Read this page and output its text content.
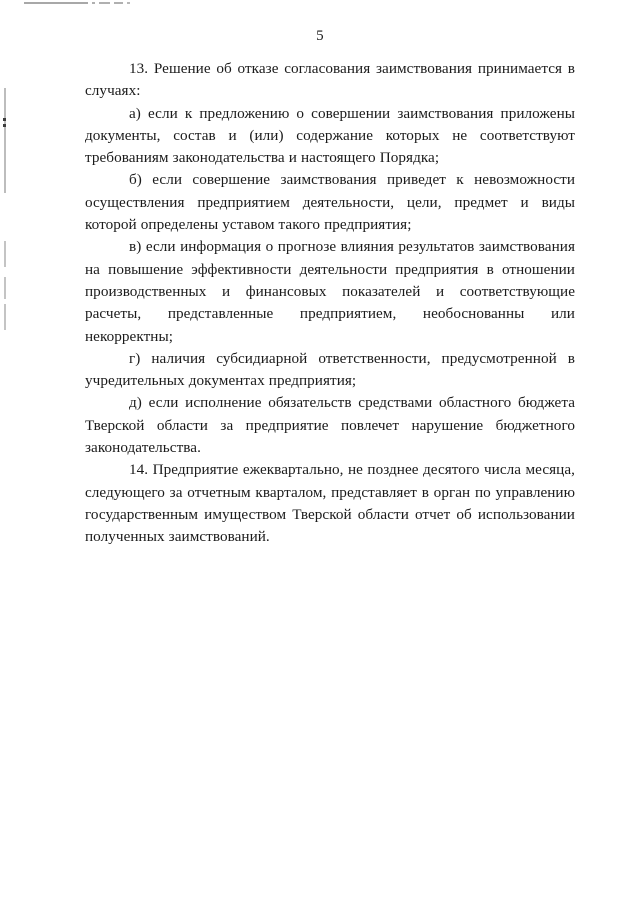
5

13. Решение об отказе согласования заимствования принимается в случаях:

а) если к предложению о совершении заимствования приложены документы, состав и (или) содержание которых не соответствуют требованиям законодательства и настоящего Порядка;

б) если совершение заимствования приведет к невозможности осуществления предприятием деятельности, цели, предмет и виды которой определены уставом такого предприятия;

в) если информация о прогнозе влияния результатов заимствования на повышение эффективности деятельности предприятия в отношении производственных и финансовых показателей и соответствующие расчеты, представленные предприятием, необоснованны или некорректны;

г) наличия субсидиарной ответственности, предусмотренной в учредительных документах предприятия;

д) если исполнение обязательств средствами областного бюджета Тверской области за предприятие повлечет нарушение бюджетного законодательства.

14. Предприятие ежеквартально, не позднее десятого числа месяца, следующего за отчетным кварталом, представляет в орган по управлению государственным имуществом Тверской области отчет об использовании полученных заимствований.
